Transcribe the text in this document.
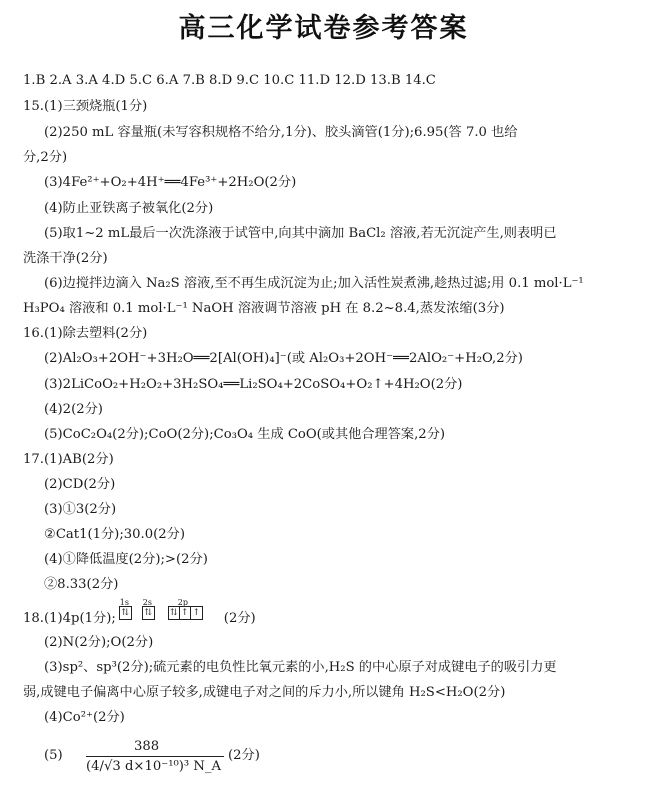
高三化学试卷参考答案
1.B 2.A 3.A 4.D 5.C 6.A 7.B 8.D 9.C 10.C 11.D 12.D 13.B 14.C
15.(1)三颈烧瓶(1分)
(2)250 mL 容量瓶(未写容积规格不给分,1分)、胶头滴管(1分);6.95(答 7.0 也给
分,2分)
(3)4Fe²⁺+O₂+4H⁺══4Fe³⁺+2H₂O(2分)
(4)防止亚铁离子被氧化(2分)
(5)取1~2 mL最后一次洗涤液于试管中,向其中滴加 BaCl₂ 溶液,若无沉淀产生,则表明已
洗涤干净(2分)
(6)边搅拌边滴入 Na₂S 溶液,至不再生成沉淀为止;加入活性炭煮沸,趁热过滤;用 0.1 mol·L⁻¹
H₃PO₄ 溶液和 0.1 mol·L⁻¹ NaOH 溶液调节溶液 pH 在 8.2~8.4,蒸发浓缩(3分)
16.(1)除去塑料(2分)
(2)Al₂O₃+2OH⁻+3H₂O══2[Al(OH)₄]⁻(或 Al₂O₃+2OH⁻══2AlO₂⁻+H₂O,2分)
(3)2LiCoO₂+H₂O₂+3H₂SO₄══Li₂SO₄+2CoSO₄+O₂↑+4H₂O(2分)
(4)2(2分)
(5)CoC₂O₄(2分);CoO(2分);Co₃O₄ 生成 CoO(或其他合理答案,2分)
17.(1)AB(2分)
(2)CD(2分)
(3)①3(2分)
②Cat1(1分);30.0(2分)
(4)①降低温度(2分);>(2分)
②8.33(2分)
18.(1)4p(1分);
1s 2s	2p
⇅ ⇅ ⇅ ↑ ↑ (2分)
(2)N(2分);O(2分)
(3)sp²、sp³(2分);硫元素的电负性比氧元素的小,H₂S 的中心原子对成键电子的吸引力更
弱,成键电子偏离中心原子较多,成键电子对之间的斥力小,所以键角 H₂S<H₂O(2分)
(4)Co²⁺(2分)
(5)
388
(4/√3 d×10⁻¹⁰)³ N_A
(2分)
